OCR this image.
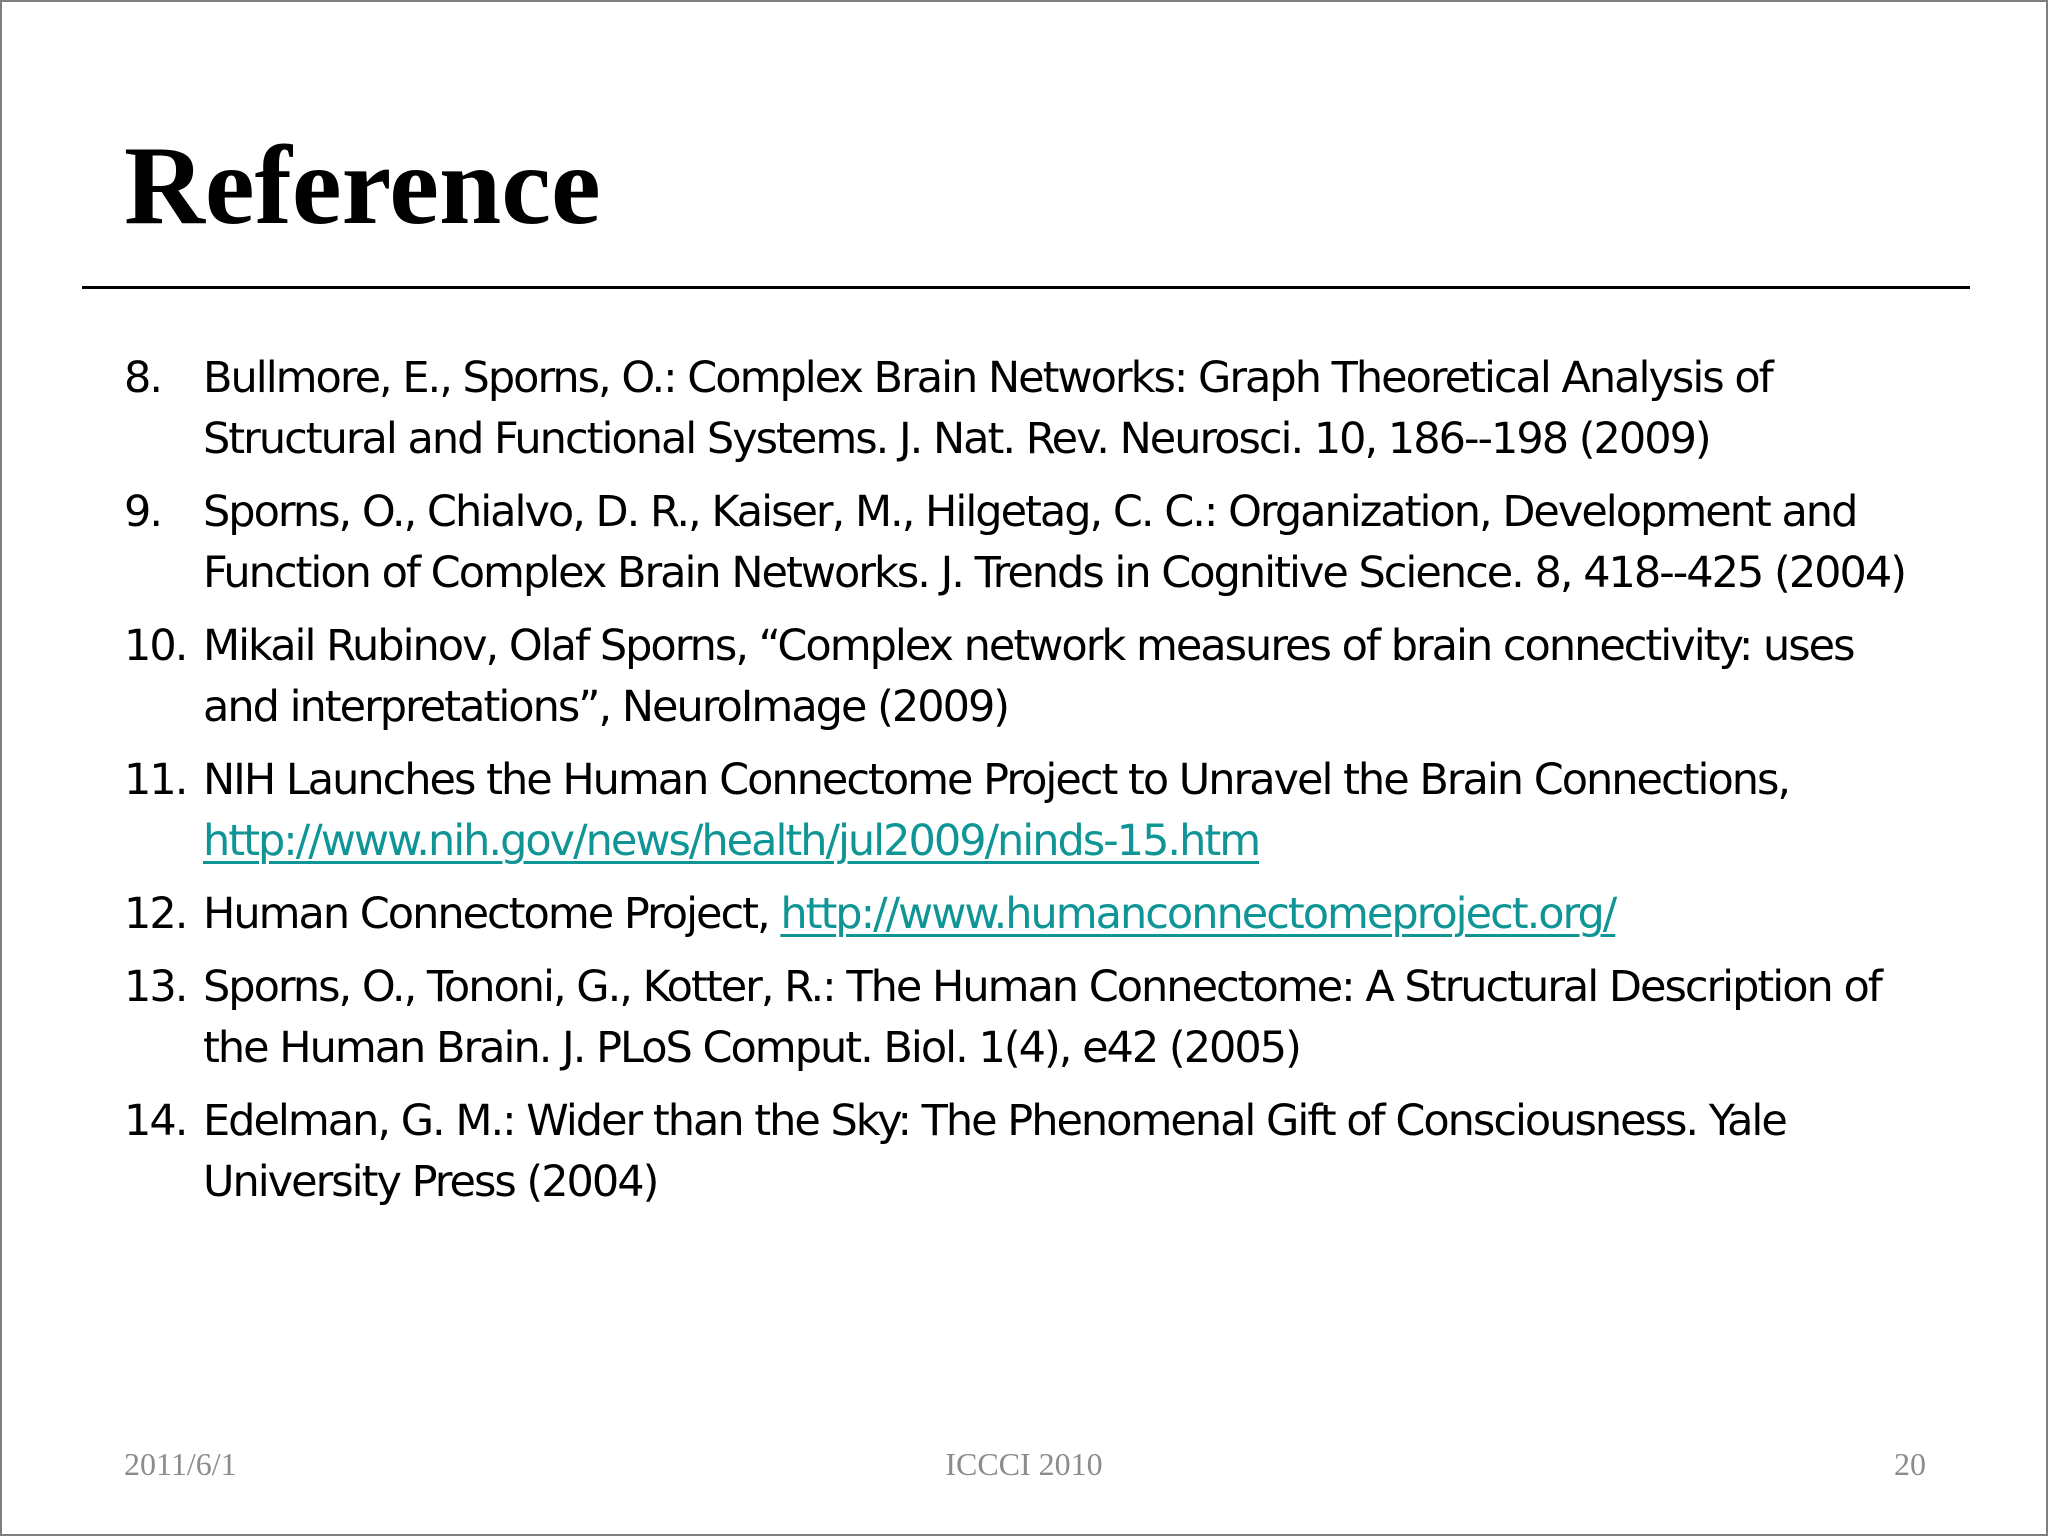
Reference
8. Bullmore, E., Sporns, O.: Complex Brain Networks: Graph Theoretical Analysis of Structural and Functional Systems. J. Nat. Rev. Neurosci. 10, 186--198 (2009)
9. Sporns, O., Chialvo, D. R., Kaiser, M., Hilgetag, C. C.: Organization, Development and Function of Complex Brain Networks. J. Trends in Cognitive Science. 8, 418--425 (2004)
10. Mikail Rubinov, Olaf Sporns, “Complex network measures of brain connectivity: uses and interpretations”, NeuroImage (2009)
11. NIH Launches the Human Connectome Project to Unravel the Brain Connections, http://www.nih.gov/news/health/jul2009/ninds-15.htm
12. Human Connectome Project, http://www.humanconnectomeproject.org/
13. Sporns, O., Tononi, G., Kotter, R.: The Human Connectome: A Structural Description of the Human Brain. J. PLoS Comput. Biol. 1(4), e42 (2005)
14. Edelman, G. M.: Wider than the Sky: The Phenomenal Gift of Consciousness. Yale University Press (2004)
2011/6/1	ICCCI 2010	20
